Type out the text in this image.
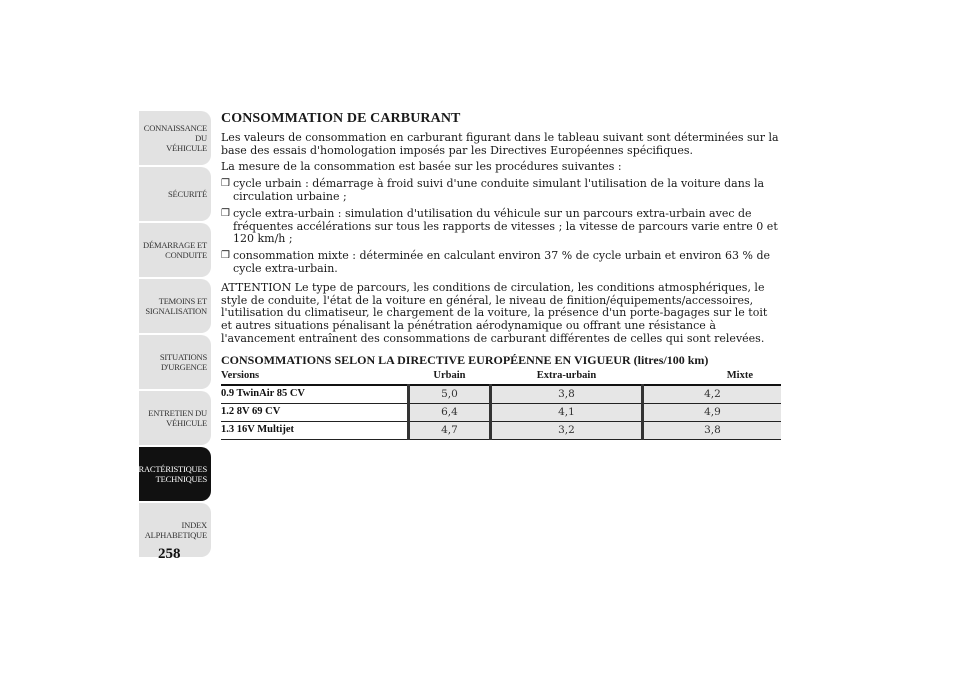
CONNAISSANCE DU
VÉHICULE
SÉCURITÉ
DÉMARRAGE ET
CONDUITE
TEMOINS ET
SIGNALISATION
SITUATIONS
D'URGENCE
ENTRETIEN DU
VÉHICULE
CARACTÉRISTIQUES
TECHNIQUES
INDEX
ALPHABETIQUE
258
CONSOMMATION DE CARBURANT

Les valeurs de consommation en carburant figurant dans le tableau suivant sont déterminées sur la base des essais d'homologation imposés par les Directives Européennes spécifiques.

La mesure de la consommation est basée sur les procédures suivantes :

❒ cycle urbain : démarrage à froid suivi d'une conduite simulant l'utilisation de la voiture dans la circulation urbaine ;
❒ cycle extra-urbain : simulation d'utilisation du véhicule sur un parcours extra-urbain avec de fréquentes accélérations sur tous les rapports de vitesses ; la vitesse de parcours varie entre 0 et 120 km/h ;
❒ consommation mixte : déterminée en calculant environ 37 % de cycle urbain et environ 63 % de cycle extra-urbain.

ATTENTION Le type de parcours, les conditions de circulation, les conditions atmosphériques, le style de conduite, l'état de la voiture en général, le niveau de finition/équipements/accessoires, l'utilisation du climatiseur, le chargement de la voiture, la présence d'un porte-bagages sur le toit et autres situations pénalisant la pénétration aérodynamique ou offrant une résistance à l'avancement entraînent des consommations de carburant différentes de celles qui sont relevées.

CONSOMMATIONS SELON LA DIRECTIVE EUROPÉENNE EN VIGUEUR (litres/100 km)
Versions	Urbain	Extra-urbain	Mixte
0.9 TwinAir 85 CV	5,0	3,8	4,2
1.2 8V 69 CV	6,4	4,1	4,9
1.3 16V Multijet	4,7	3,2	3,8
